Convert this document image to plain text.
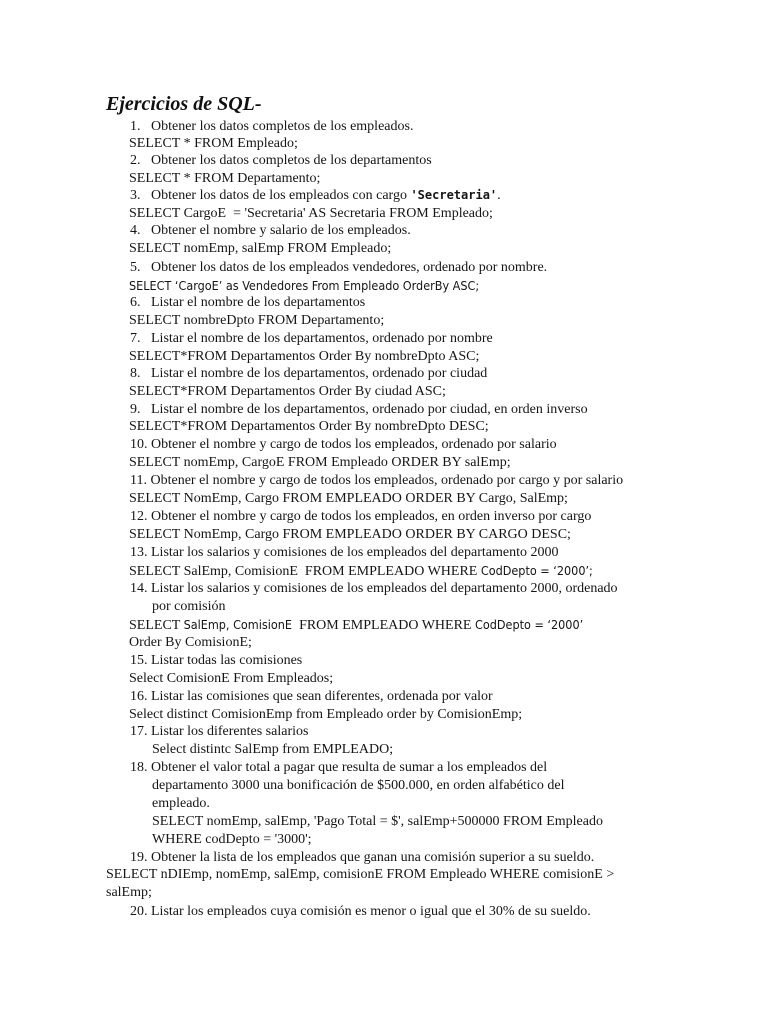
Ejercicios de SQL-
1.   Obtener los datos completos de los empleados.
SELECT * FROM Empleado;
2.   Obtener los datos completos de los departamentos
SELECT * FROM Departamento;
3.   Obtener los datos de los empleados con cargo 'Secretaria'.
SELECT CargoE  = 'Secretaria' AS Secretaria FROM Empleado;
4.   Obtener el nombre y salario de los empleados.
SELECT nomEmp, salEmp FROM Empleado;
5.   Obtener los datos de los empleados vendedores, ordenado por nombre.
SELECT ‘CargoE’ as Vendedores From Empleado OrderBy ASC;
6.   Listar el nombre de los departamentos
SELECT nombreDpto FROM Departamento;
7.   Listar el nombre de los departamentos, ordenado por nombre
SELECT*FROM Departamentos Order By nombreDpto ASC;
8.   Listar el nombre de los departamentos, ordenado por ciudad
SELECT*FROM Departamentos Order By ciudad ASC;
9.   Listar el nombre de los departamentos, ordenado por ciudad, en orden inverso
SELECT*FROM Departamentos Order By nombreDpto DESC;
10. Obtener el nombre y cargo de todos los empleados, ordenado por salario
SELECT nomEmp, CargoE FROM Empleado ORDER BY salEmp;
11. Obtener el nombre y cargo de todos los empleados, ordenado por cargo y por salario
SELECT NomEmp, Cargo FROM EMPLEADO ORDER BY Cargo, SalEmp;
12. Obtener el nombre y cargo de todos los empleados, en orden inverso por cargo
SELECT NomEmp, Cargo FROM EMPLEADO ORDER BY CARGO DESC;
13. Listar los salarios y comisiones de los empleados del departamento 2000
SELECT SalEmp, ComisionE  FROM EMPLEADO WHERE CodDepto = ‘2000’;
14. Listar los salarios y comisiones de los empleados del departamento 2000, ordenado
por comisión
SELECT SalEmp, ComisionE  FROM EMPLEADO WHERE CodDepto = ‘2000’
Order By ComisionE;
15. Listar todas las comisiones
Select ComisionE From Empleados;
16. Listar las comisiones que sean diferentes, ordenada por valor
Select distinct ComisionEmp from Empleado order by ComisionEmp;
17. Listar los diferentes salarios
Select distintc SalEmp from EMPLEADO;
18. Obtener el valor total a pagar que resulta de sumar a los empleados del
departamento 3000 una bonificación de $500.000, en orden alfabético del
empleado.
SELECT nomEmp, salEmp, 'Pago Total = $', salEmp+500000 FROM Empleado
WHERE codDepto = '3000';
19. Obtener la lista de los empleados que ganan una comisión superior a su sueldo.
SELECT nDIEmp, nomEmp, salEmp, comisionE FROM Empleado WHERE comisionE >
salEmp;
20. Listar los empleados cuya comisión es menor o igual que el 30% de su sueldo.
